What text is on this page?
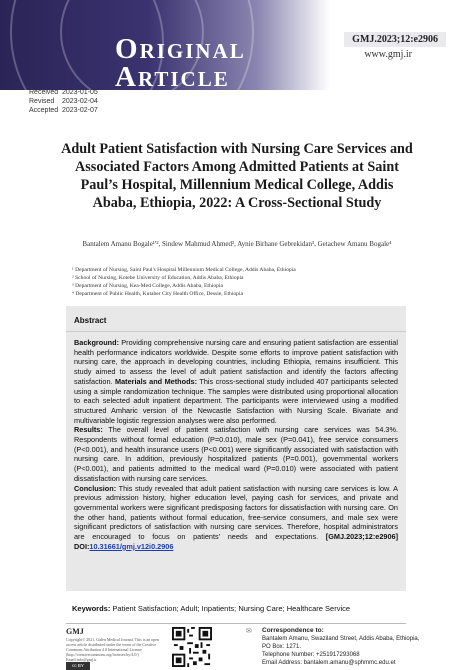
ORIGINAL
ARTICLE
GMJ.2023;12:e2906
www.gmj.ir
Received 2023-01-05
Revised	2023-02-04
Accepted 2023-02-07
Adult Patient Satisfaction with Nursing Care Services and Associated Factors Among Admitted Patients at Saint Paul’s Hospital, Millennium Medical College, Addis Ababa, Ethiopia, 2022: A Cross-Sectional Study
Bantalem Amanu Bogale¹′², Sindew Mahmud Ahmed³, Aynie Birhane Gebrekidan³, Getachew Amanu Bogale⁴
¹ Department of Nursing, Saint Paul's Hospital Millennium Medical College, Addis Ababa, Ethiopia
² School of Nursing, Kotebe University of Education, Addis Ababa, Ethiopia
³ Department of Nursing, Kea-Med College, Addis Ababa, Ethiopia
⁴ Department of Public Health, Kutaber City Health Office, Dessie, Ethiopia
Abstract
Background: Providing comprehensive nursing care and ensuring patient satisfaction are essential health performance indicators worldwide. Despite some efforts to improve patient satisfaction with nursing care, the approach in developing countries, including Ethiopia, remains insufficient. This study aimed to assess the level of adult patient satisfaction and identify the factors affecting satisfaction. Materials and Methods: This cross-sectional study included 407 participants selected using a simple randomization technique. The samples were distributed using proportional allocation to each selected adult inpatient department. The participants were interviewed using a modified structured Amharic version of the Newcastle Satisfaction with Nursing Scale. Bivariate and multivariable logistic regression analyses were also performed.
Results: The overall level of patient satisfaction with nursing care services was 54.3%. Respondents without formal education (P=0.010), male sex (P=0.041), free service consumers (P<0.001), and health insurance users (P<0.001) were significantly associated with satisfaction with nursing care. In addition, previously hospitalized patients (P=0.001), governmental workers (P<0.001), and patients admitted to the medical ward (P=0.010) were associated with patient dissatisfaction with nursing care services.
Conclusion: This study revealed that adult patient satisfaction with nursing care services is low. A previous admission history, higher education level, paying cash for services, and private and governmental workers were significant predisposing factors for dissatisfaction with nursing care. On the other hand, patients without formal education, free-service consumers, and male sex were significant predictors of satisfaction with nursing care services. Therefore, hospital administrators are encouraged to focus on patients' needs and expectations. [GMJ.2023;12:e2906] DOI:10.31661/gmj.v12i0.2906
Keywords: Patient Satisfaction; Adult; Inpatients; Nursing Care; Healthcare Service
GMJ
Copyright© 2021, Galen Medical Journal. This is an open access article distributed under the terms of the Creative Commons Attribution 4.0 International License (http://creativecommons.org/licenses/by/4.0/) Email:info@gmj.ir
cc BY
✉ Correspondence to:
Bantalem Amanu, Swaziland Street, Addis Ababa, Ethiopia, PO Box: 1271.
Telephone Number: +251917293068
Email Address: bantalem.amanu@sphmmc.edu.et
